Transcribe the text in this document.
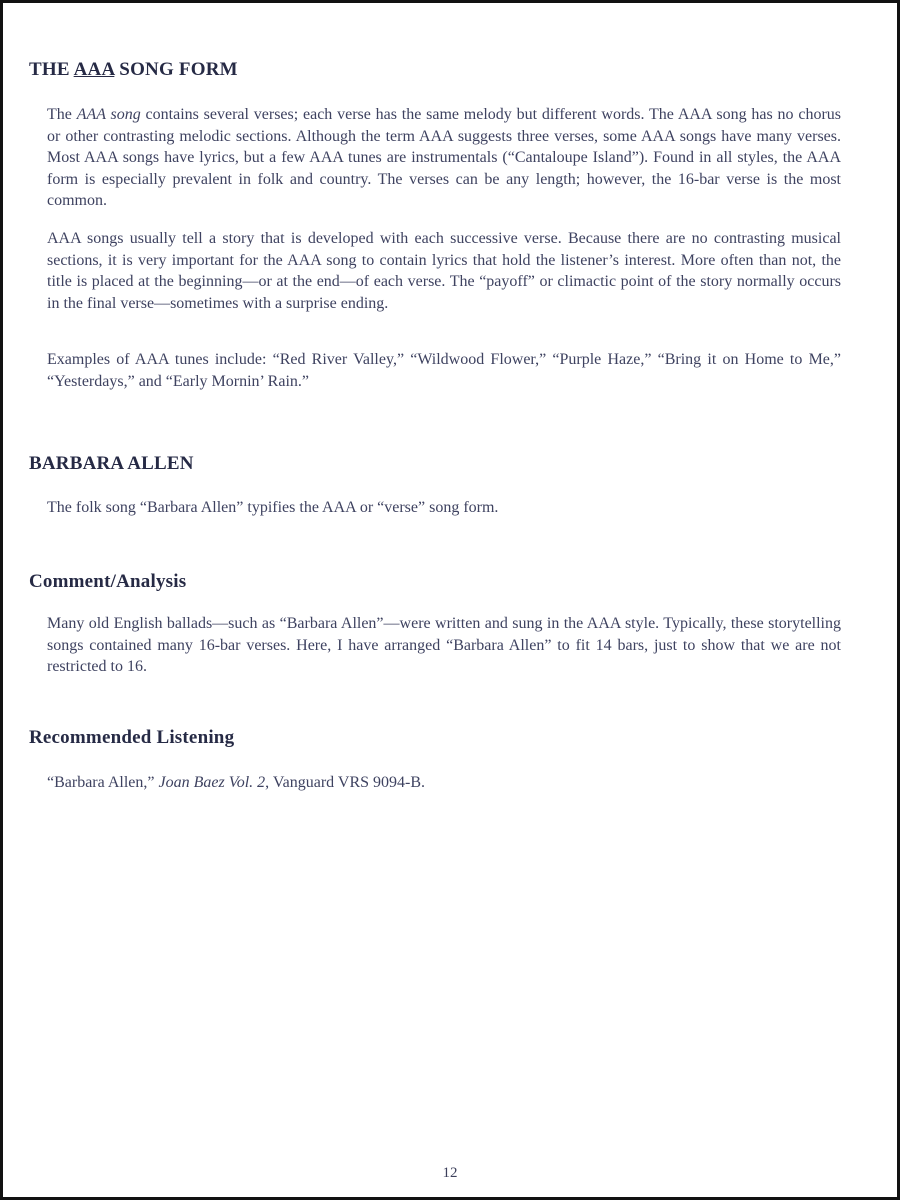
THE AAA SONG FORM

The AAA song contains several verses; each verse has the same melody but different words. The AAA song has no chorus or other contrasting melodic sections. Although the term AAA suggests three verses, some AAA songs have many verses. Most AAA songs have lyrics, but a few AAA tunes are instrumentals (“Cantaloupe Island”). Found in all styles, the AAA form is especially prevalent in folk and country. The verses can be any length; however, the 16-bar verse is the most common.

AAA songs usually tell a story that is developed with each successive verse. Because there are no contrasting musical sections, it is very important for the AAA song to contain lyrics that hold the listener’s interest. More often than not, the title is placed at the beginning—or at the end—of each verse. The “payoff” or climactic point of the story normally occurs in the final verse—sometimes with a surprise ending.

Examples of AAA tunes include: “Red River Valley,” “Wildwood Flower,” “Purple Haze,” “Bring it on Home to Me,” “Yesterdays,” and “Early Mornin’ Rain.”

BARBARA ALLEN

The folk song “Barbara Allen” typifies the AAA or “verse” song form.

Comment/Analysis

Many old English ballads—such as “Barbara Allen”—were written and sung in the AAA style. Typically, these storytelling songs contained many 16-bar verses. Here, I have arranged “Barbara Allen” to fit 14 bars, just to show that we are not restricted to 16.

Recommended Listening

“Barbara Allen,” Joan Baez Vol. 2, Vanguard VRS 9094-B.

12
